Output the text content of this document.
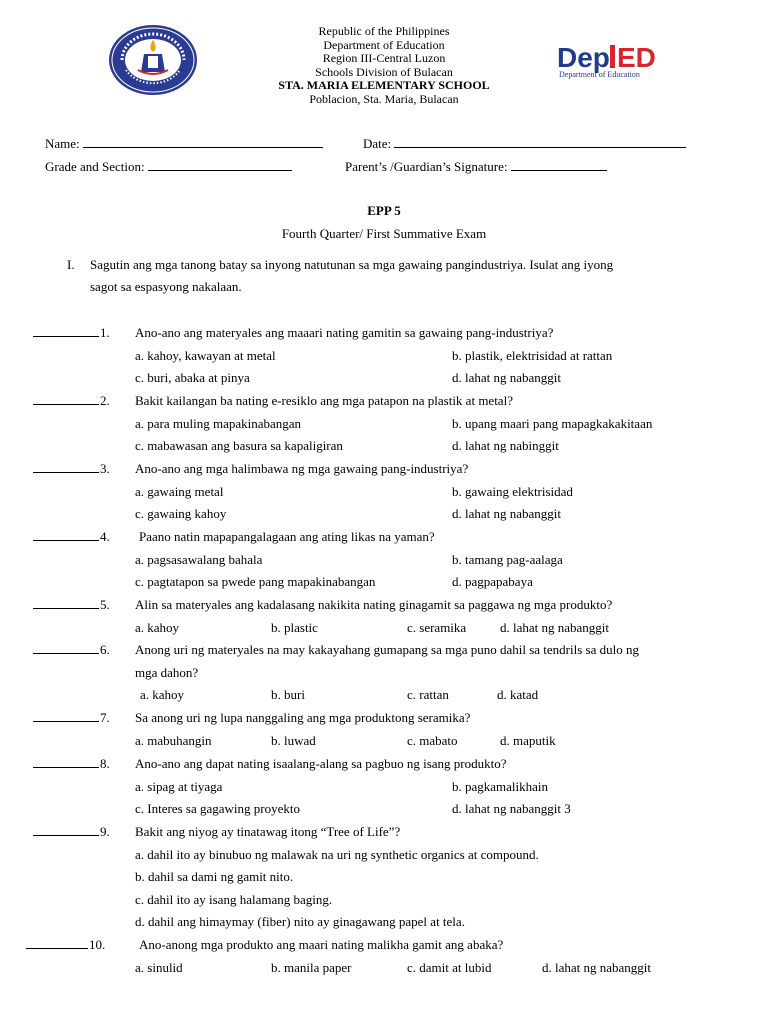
Dep ED
Department of Education
Republic of the Philippines
Department of Education
Region III-Central Luzon
Schools Division of Bulacan
STA. MARIA ELEMENTARY SCHOOL
Poblacion, Sta. Maria, Bulacan
Name:	Date:
Grade and Section:	Parent’s /Guardian’s Signature:
EPP 5
Fourth Quarter/ First Summative Exam
I. Sagutin ang mga tanong batay sa inyong natutunan sa mga gawaing pangindustriya. Isulat ang iyong
sagot sa espasyong nakalaan.
1. Ano-ano ang materyales ang maaari nating gamitin sa gawaing pang-industriya?
a. kahoy, kawayan at metal	b. plastik, elektrisidad at rattan
c. buri, abaka at pinya	d. lahat ng nabanggit
2. Bakit kailangan ba nating e-resiklo ang mga patapon na plastik at metal?
a. para muling mapakinabangan	b. upang maari pang mapagkakakitaan
c. mabawasan ang basura sa kapaligiran	d. lahat ng nabinggit
3. Ano-ano ang mga halimbawa ng mga gawaing pang-industriya?
a. gawaing metal	b. gawaing elektrisidad
c. gawaing kahoy	d. lahat ng nabanggit
4. Paano natin mapapangalagaan ang ating likas na yaman?
a. pagsasawalang bahala	b. tamang pag-aalaga
c. pagtatapon sa pwede pang mapakinabangan	d. pagpapabaya
5. Alin sa materyales ang kadalasang nakikita nating ginagamit sa paggawa ng mga produkto?
a. kahoy	b. plastic	c. seramika	d. lahat ng nabanggit
6. Anong uri ng materyales na may kakayahang gumapang sa mga puno dahil sa tendrils sa dulo ng
mga dahon?
a. kahoy	b. buri	c. rattan	d. katad
7. Sa anong uri ng lupa nanggaling ang mga produktong seramika?
a. mabuhangin	b. luwad	c. mabato	d. maputik
8. Ano-ano ang dapat nating isaalang-alang sa pagbuo ng isang produkto?
a. sipag at tiyaga	b. pagkamalikhain
c. Interes sa gagawing proyekto	d. lahat ng nabanggit 3
9. Bakit ang niyog ay tinatawag itong “Tree of Life”?
a. dahil ito ay binubuo ng malawak na uri ng synthetic organics at compound.
b. dahil sa dami ng gamit nito.
c. dahil ito ay isang halamang baging.
d. dahil ang himaymay (fiber) nito ay ginagawang papel at tela.
10.	Ano-anong mga produkto ang maari nating malikha gamit ang abaka?
a. sinulid	b. manila paper	c. damit at lubid	d. lahat ng nabanggit
